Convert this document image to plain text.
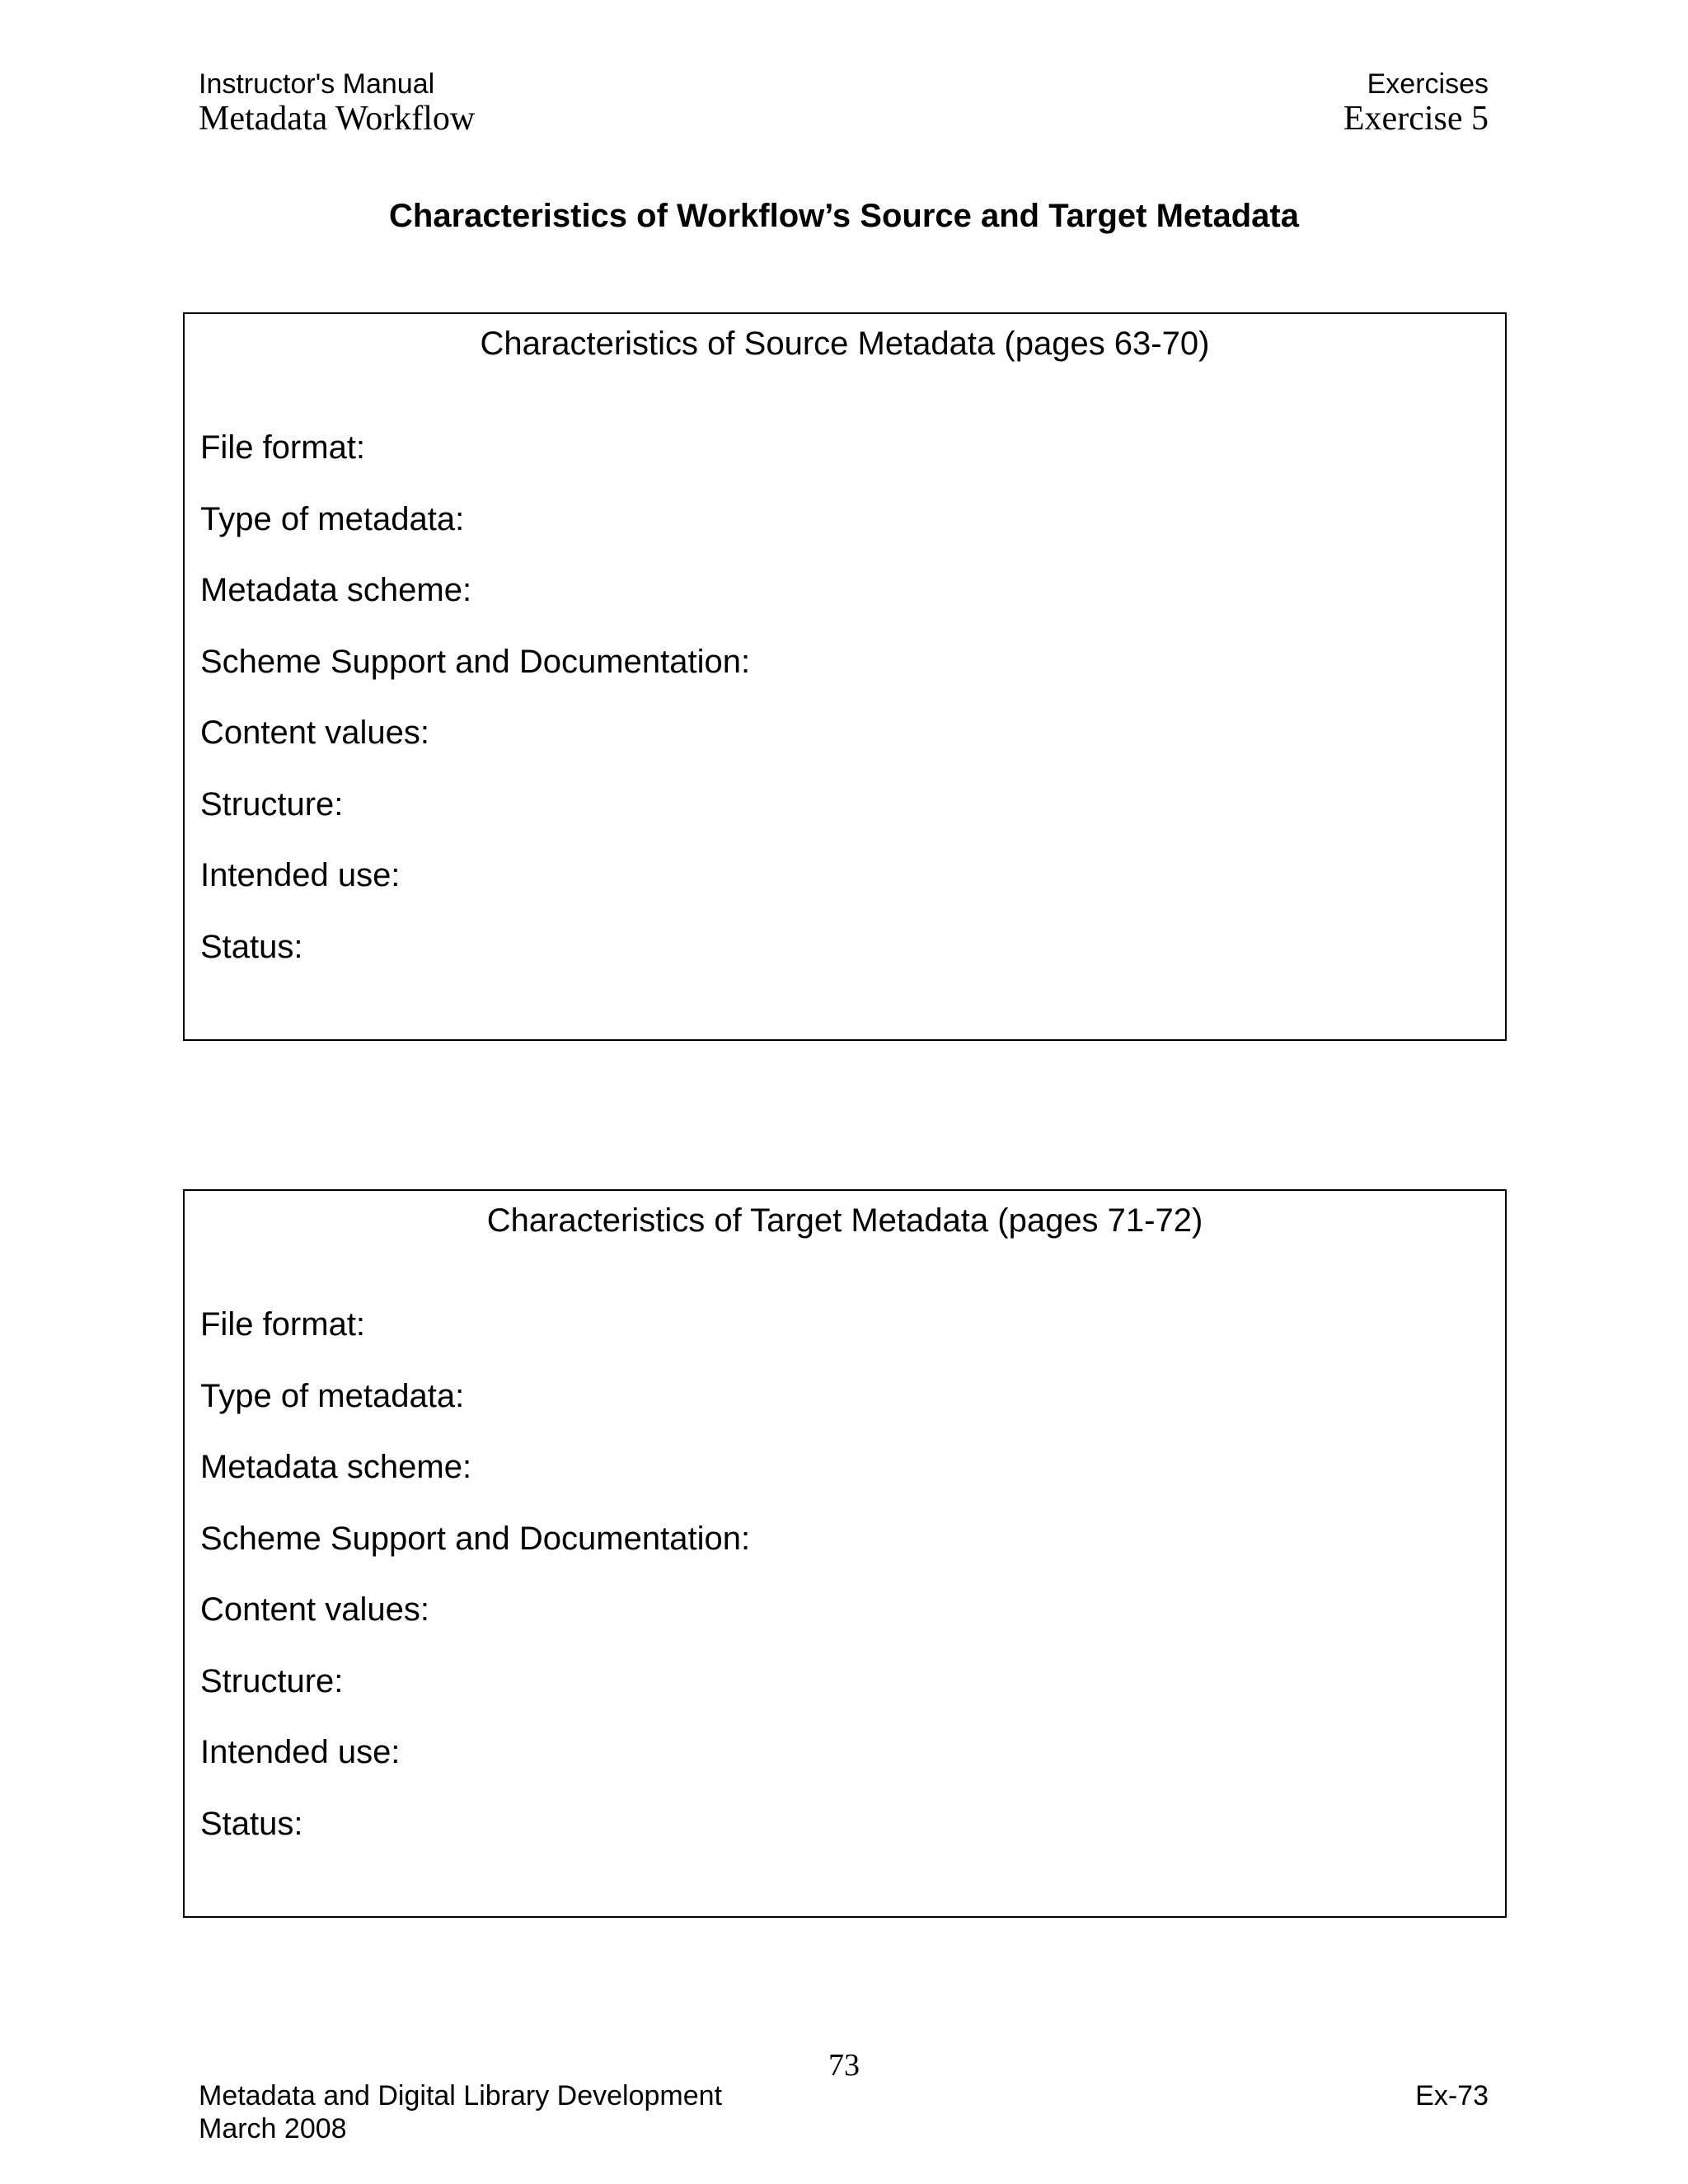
Instructor's Manual
Metadata Workflow
Exercises
Exercise 5
Characteristics of Workflow’s Source and Target Metadata
Characteristics of Source Metadata (pages 63-70)
File format:
Type of metadata:
Metadata scheme:
Scheme Support and Documentation:
Content values:
Structure:
Intended use:
Status:
Characteristics of Target Metadata (pages 71-72)
File format:
Type of metadata:
Metadata scheme:
Scheme Support and Documentation:
Content values:
Structure:
Intended use:
Status:
73
Metadata and Digital Library Development
March 2008
Ex-73
